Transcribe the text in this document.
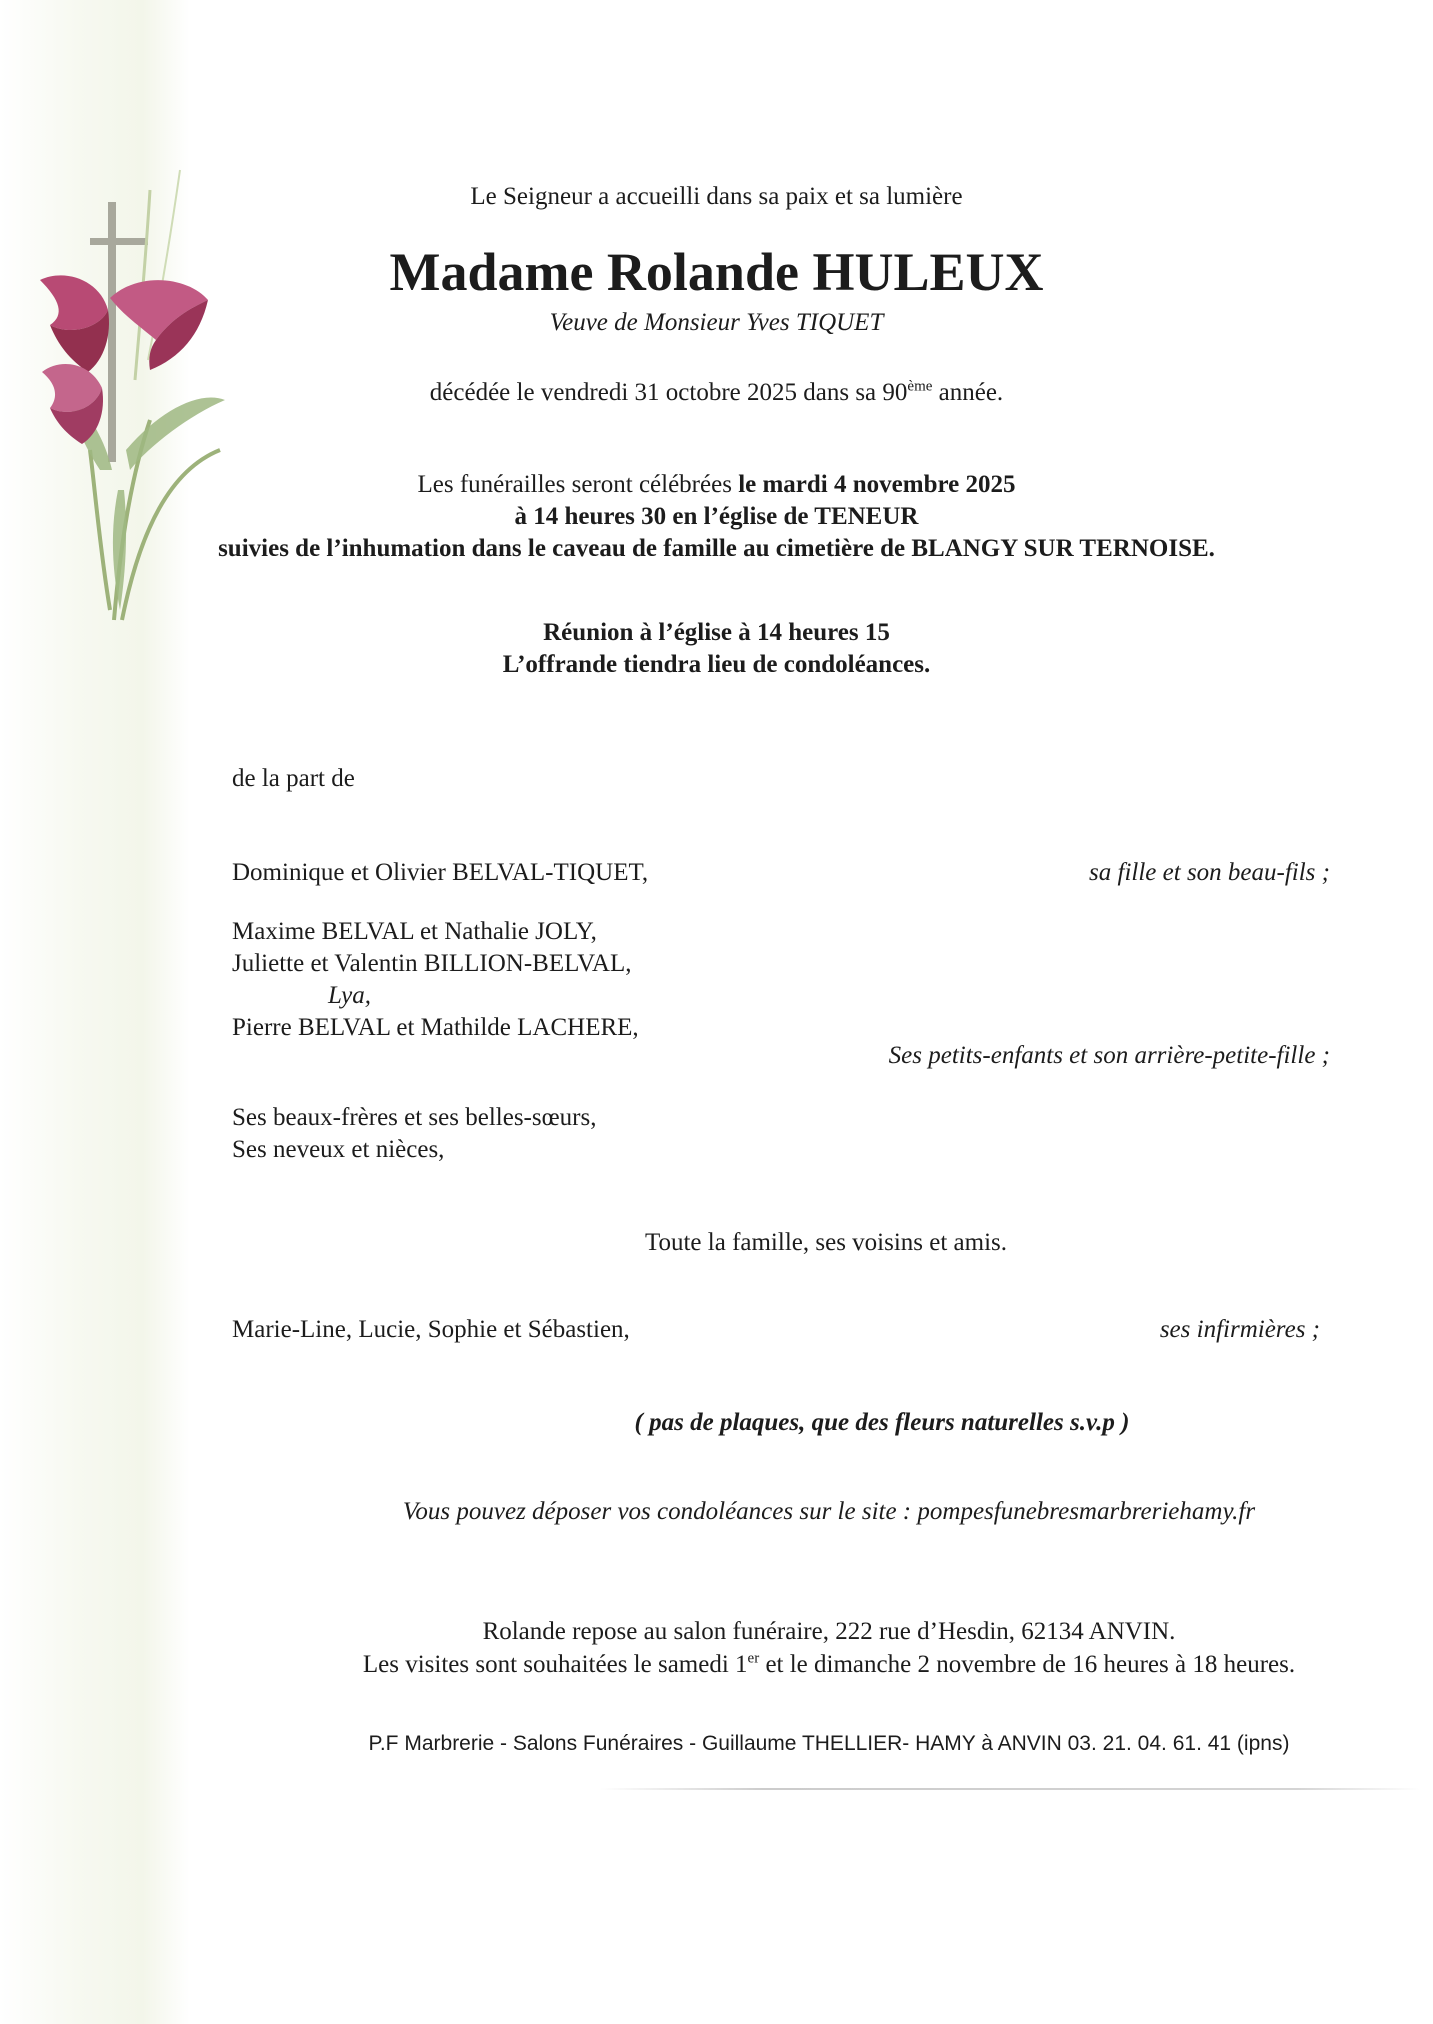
Le Seigneur a accueilli dans sa paix et sa lumière
Madame Rolande HULEUX
Veuve de Monsieur Yves TIQUET
décédée le vendredi 31 octobre 2025 dans sa 90ème année.
Les funérailles seront célébrées le mardi 4 novembre 2025
à 14 heures 30 en l’église de TENEUR
suivies de l’inhumation dans le caveau de famille au cimetière de BLANGY SUR TERNOISE.
Réunion à l’église à 14 heures 15
L’offrande tiendra lieu de condoléances.
de la part de
Dominique et Olivier BELVAL-TIQUET,	sa fille et son beau-fils ;
Maxime BELVAL et Nathalie JOLY,
Juliette et Valentin BILLION-BELVAL,
Lya,
Pierre BELVAL et Mathilde LACHERE,
Ses petits-enfants et son arrière-petite-fille ;
Ses beaux-frères et ses belles-sœurs,
Ses neveux et nièces,
Toute la famille, ses voisins et amis.
Marie-Line, Lucie, Sophie et Sébastien,	ses infirmières ;
( pas de plaques, que des fleurs naturelles s.v.p )
Vous pouvez déposer vos condoléances sur le site : pompesfunebresmarbreriehamy.fr
Rolande repose au salon funéraire, 222 rue d’Hesdin, 62134 ANVIN.
Les visites sont souhaitées le samedi 1er et le dimanche 2 novembre de 16 heures à 18 heures.
P.F Marbrerie - Salons Funéraires - Guillaume THELLIER- HAMY à ANVIN 03. 21. 04. 61. 41 (ipns)
